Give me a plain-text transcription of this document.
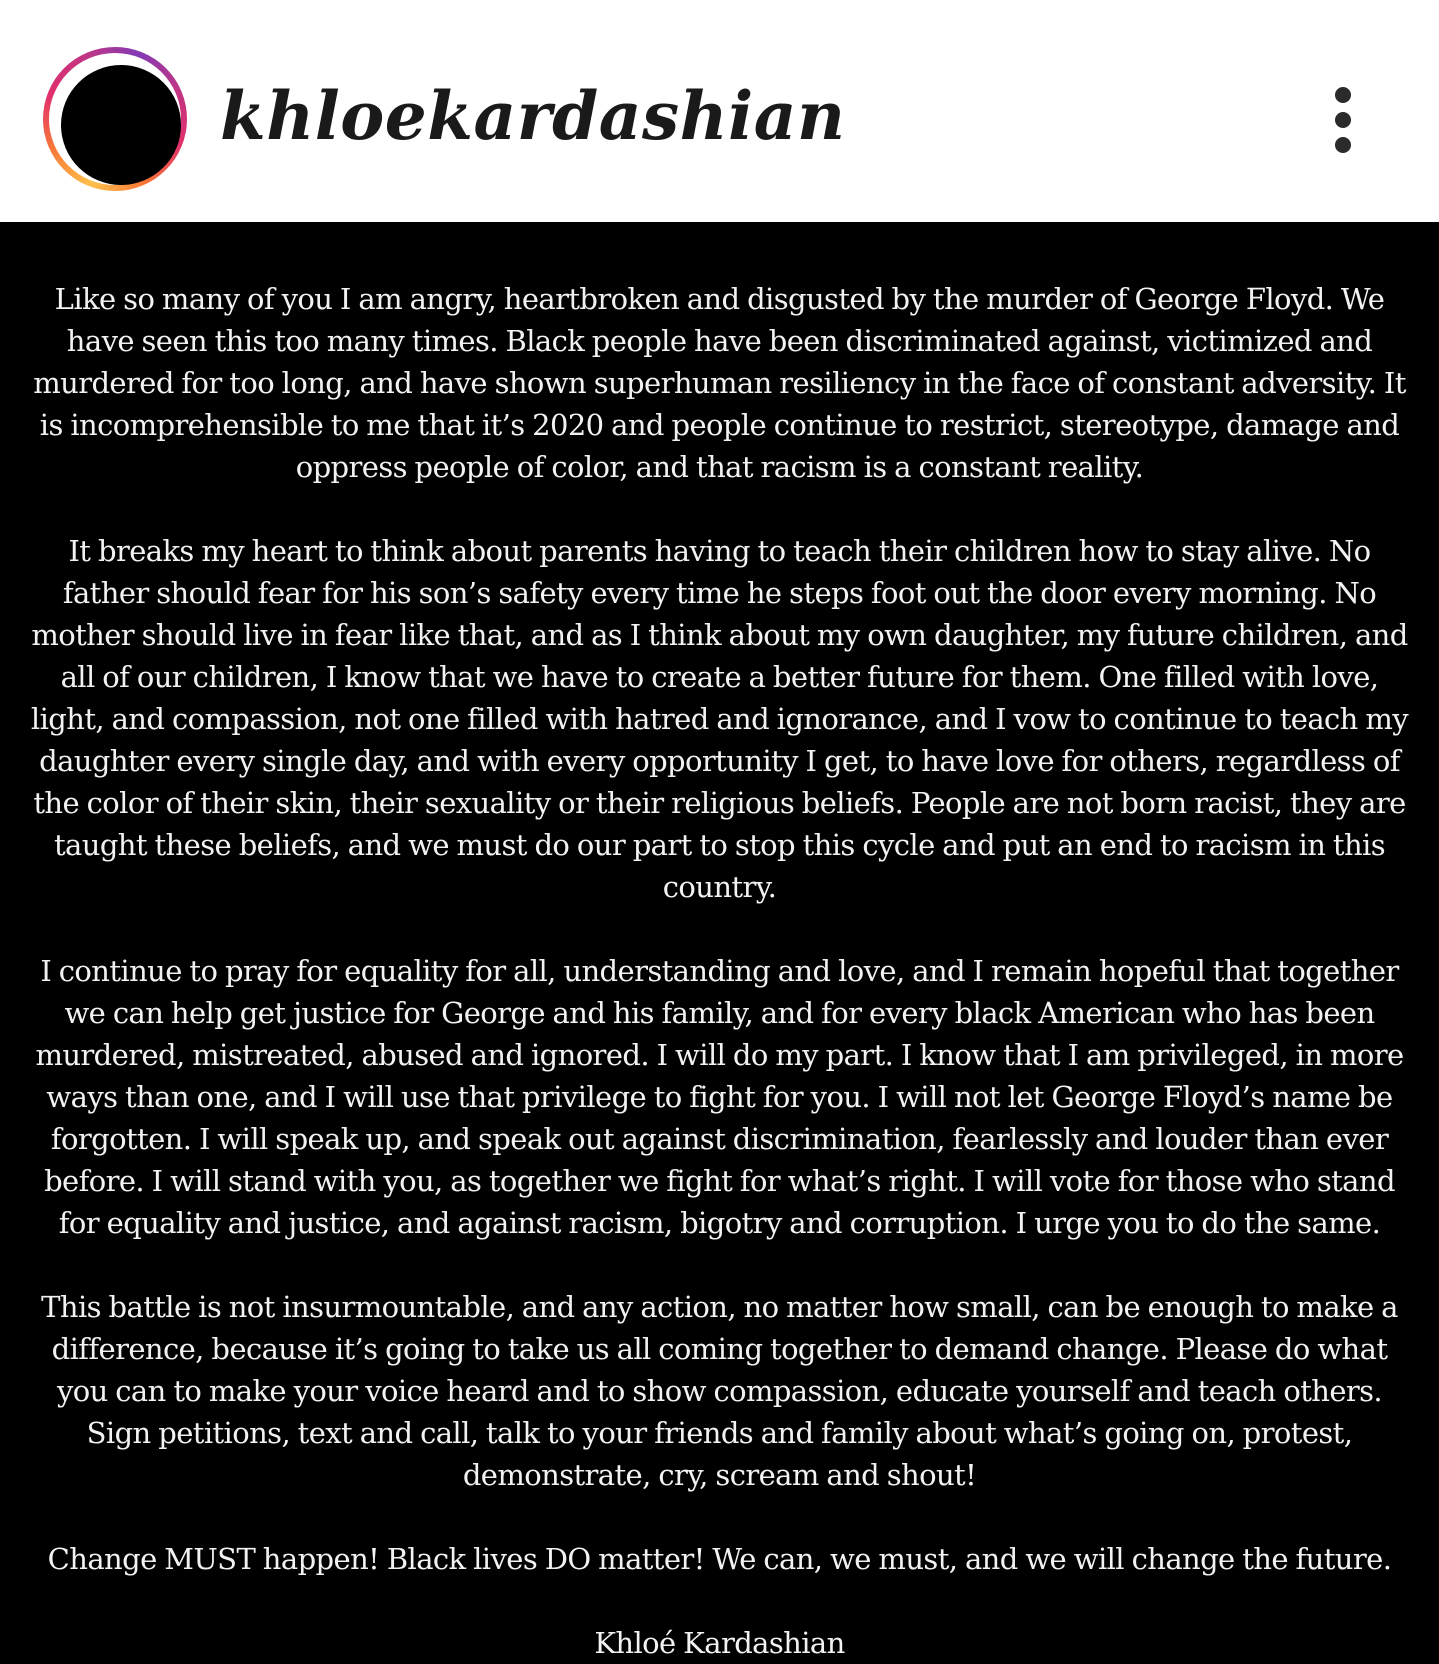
khloekardashian

Like so many of you I am angry, heartbroken and disgusted by the murder of George Floyd. We have seen this too many times. Black people have been discriminated against, victimized and murdered for too long, and have shown superhuman resiliency in the face of constant adversity. It is incomprehensible to me that it’s 2020 and people continue to restrict, stereotype, damage and oppress people of color, and that racism is a constant reality.

It breaks my heart to think about parents having to teach their children how to stay alive. No father should fear for his son’s safety every time he steps foot out the door every morning. No mother should live in fear like that, and as I think about my own daughter, my future children, and all of our children, I know that we have to create a better future for them. One filled with love, light, and compassion, not one filled with hatred and ignorance, and I vow to continue to teach my daughter every single day, and with every opportunity I get, to have love for others, regardless of the color of their skin, their sexuality or their religious beliefs. People are not born racist, they are taught these beliefs, and we must do our part to stop this cycle and put an end to racism in this country.

I continue to pray for equality for all, understanding and love, and I remain hopeful that together we can help get justice for George and his family, and for every black American who has been murdered, mistreated, abused and ignored. I will do my part. I know that I am privileged, in more ways than one, and I will use that privilege to fight for you. I will not let George Floyd’s name be forgotten. I will speak up, and speak out against discrimination, fearlessly and louder than ever before. I will stand with you, as together we fight for what’s right. I will vote for those who stand for equality and justice, and against racism, bigotry and corruption. I urge you to do the same.

This battle is not insurmountable, and any action, no matter how small, can be enough to make a difference, because it’s going to take us all coming together to demand change. Please do what you can to make your voice heard and to show compassion, educate yourself and teach others. Sign petitions, text and call, talk to your friends and family about what’s going on, protest, demonstrate, cry, scream and shout!

Change MUST happen! Black lives DO matter! We can, we must, and we will change the future.

Khloé Kardashian
